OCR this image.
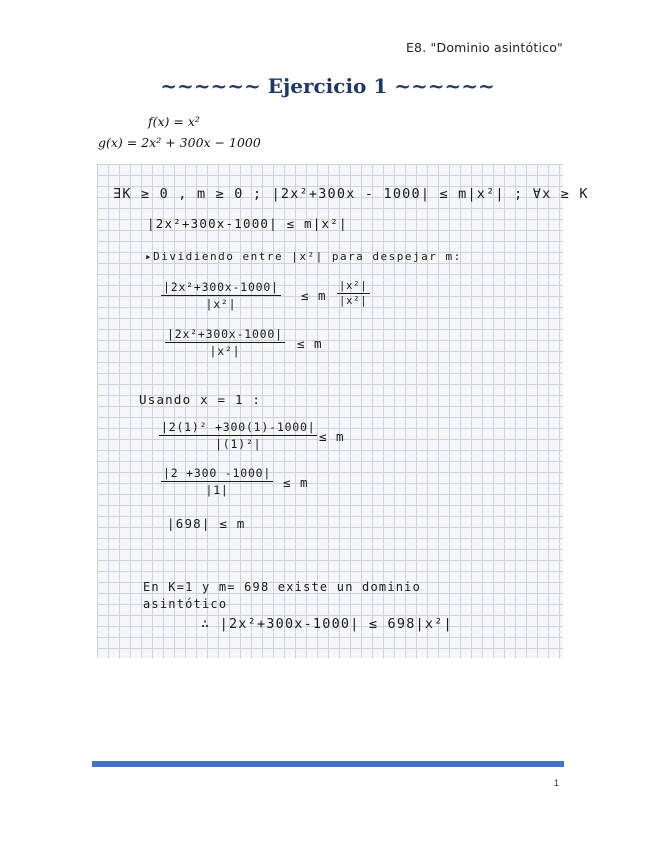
E8. "Dominio asintótico"
~~~~~~ Ejercicio 1 ~~~~~~
f(x) = x²
g(x) = 2x² + 300x − 1000
∃K ≥ 0 , m ≥ 0 ; |2x²+300x - 1000| ≤ m|x²| ; ∀x ≥ K
|2x²+300x-1000| ≤ m|x²|
▸Dividiendo entre |x²| para despejar m:
$\frac{\text{|2x²+300x-1000|}}{\text{|x²|}} \le m \frac{\text{|x²|}}{\text{|x²|}}$
$\frac{\text{|2x²+300x-1000|}}{\text{|x²|}} \le m$
Usando x = 1 :
$\frac{\text{|2(1)² +300(1)-1000|}}{\text{|(1)²|}} \le m$
$\frac{|2 +300 -1000|}{|1|} \le m$
|698| ≤ m
En K=1 y m= 698 existe un dominio
asintótico
∴ |2x²+300x-1000| ≤ 698|x²|
1
